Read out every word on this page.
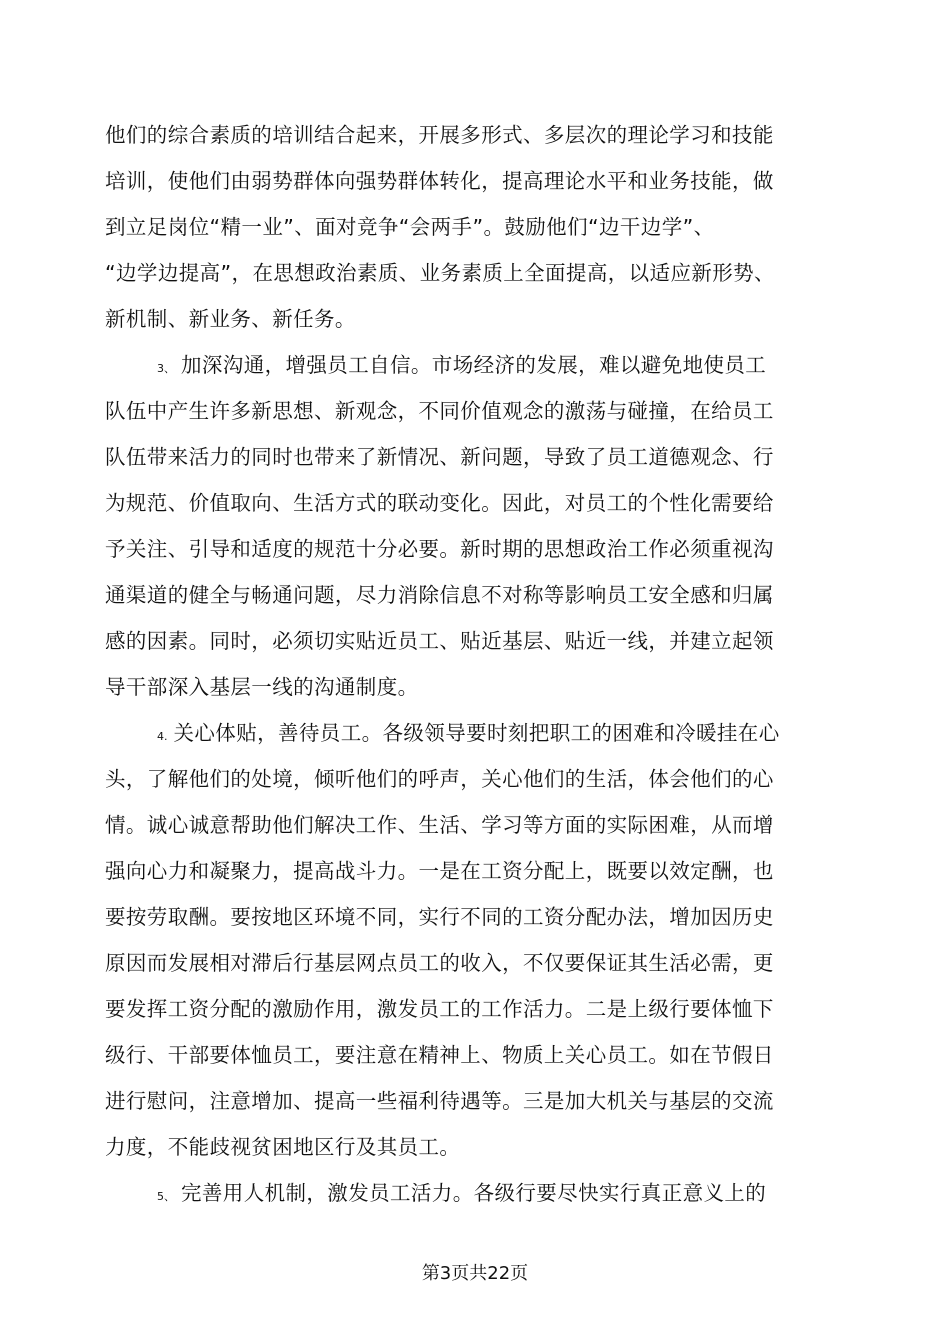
他们的综合素质的培训结合起来，开展多形式、多层次的理论学习和技能
培训，使他们由弱势群体向强势群体转化，提高理论水平和业务技能，做
到立足岗位“精一业”、面对竞争“会两手”。鼓励他们“边干边学”、
“边学边提高”，在思想政治素质、业务素质上全面提高，以适应新形势、
新机制、新业务、新任务。
3、 加深沟通，增强员工自信。市场经济的发展，难以避免地使员工
队伍中产生许多新思想、新观念，不同价值观念的激荡与碰撞，在给员工
队伍带来活力的同时也带来了新情况、新问题，导致了员工道德观念、行
为规范、价值取向、生活方式的联动变化。因此，对员工的个性化需要给
予关注、引导和适度的规范十分必要。新时期的思想政治工作必须重视沟
通渠道的健全与畅通问题，尽力消除信息不对称等影响员工安全感和归属
感的因素。同时，必须切实贴近员工、贴近基层、贴近一线，并建立起领
导干部深入基层一线的沟通制度。
4. 关心体贴，善待员工。各级领导要时刻把职工的困难和冷暖挂在心
头，了解他们的处境，倾听他们的呼声，关心他们的生活，体会他们的心
情。诚心诚意帮助他们解决工作、生活、学习等方面的实际困难，从而增
强向心力和凝聚力，提高战斗力。一是在工资分配上，既要以效定酬，也
要按劳取酬。要按地区环境不同，实行不同的工资分配办法，增加因历史
原因而发展相对滞后行基层网点员工的收入，不仅要保证其生活必需，更
要发挥工资分配的激励作用，激发员工的工作活力。二是上级行要体恤下
级行、干部要体恤员工，要注意在精神上、物质上关心员工。如在节假日
进行慰问，注意增加、提高一些福利待遇等。三是加大机关与基层的交流
力度，不能歧视贫困地区行及其员工。
5、 完善用人机制，激发员工活力。各级行要尽快实行真正意义上的
第3页共22页
